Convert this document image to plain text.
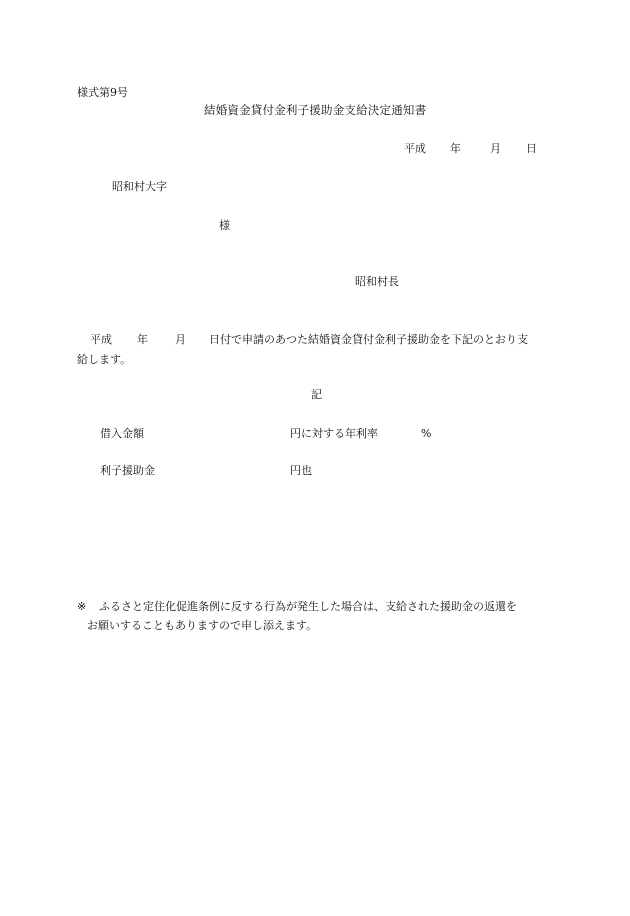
様式第9号
結婚資金貸付金利子援助金支給決定通知書
平成 年	月 日
昭和村大字
様
昭和村長
平成 年 月 日付で申請のあつた結婚資金貸付金利子援助金を下記のとおり支
給します。
記
借入金額	円に対する年利率	%
利子援助金	円也
※ ふるさと定住化促進条例に反する行為が発生した場合は、支給された援助金の返還を
お願いすることもありますので申し添えます。
